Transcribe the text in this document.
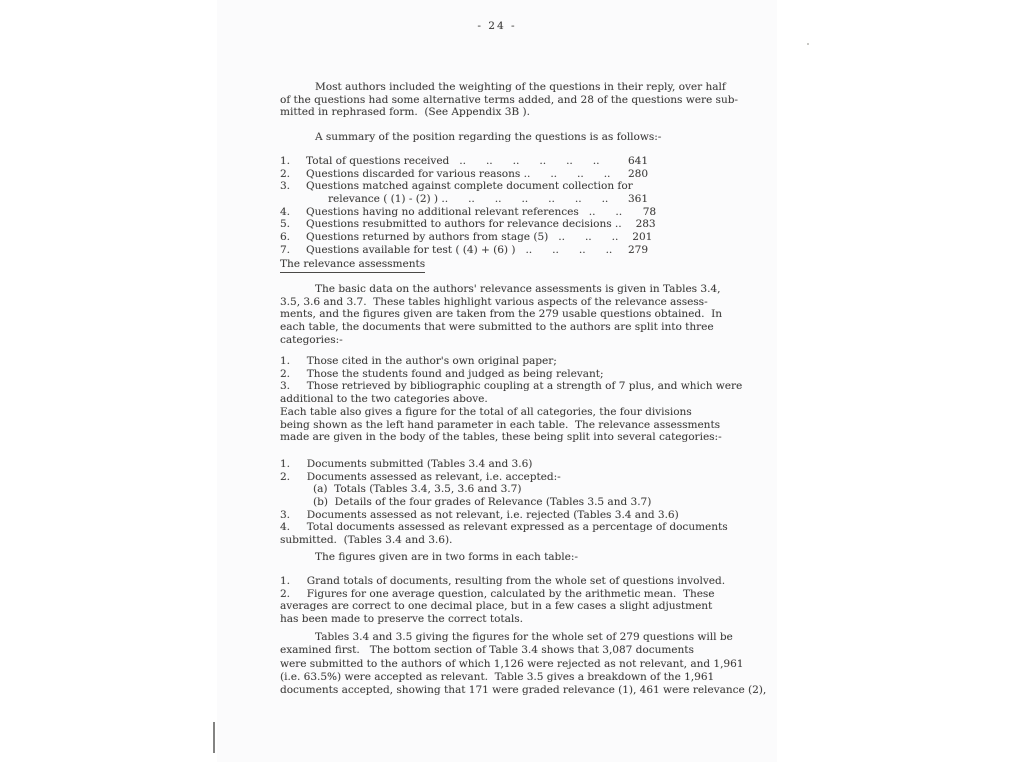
- 24 -
Most authors included the weighting of the questions in their reply, over half
of the questions had some alternative terms added, and 28 of the questions were sub-
mitted in rephrased form.  (See Appendix 3B ).
A summary of the position regarding the questions is as follows:-
1.	Total of questions received   ..      ..      ..      ..      ..      ..	641
2.	Questions discarded for various reasons ..      ..      ..      ..	280
3.	Questions matched against complete document collection for
relevance ( (1) - (2) ) ..      ..      ..      ..      ..      ..      ..	361
4.	Questions having no additional relevant references   ..      ..	78
5.	Questions resubmitted to authors for relevance decisions ..	283
6.	Questions returned by authors from stage (5)   ..      ..      ..	201
7.	Questions available for test ( (4) + (6) )   ..      ..      ..      ..	279
The relevance assessments
The basic data on the authors' relevance assessments is given in Tables 3.4,
3.5, 3.6 and 3.7.  These tables highlight various aspects of the relevance assess-
ments, and the figures given are taken from the 279 usable questions obtained.  In
each table, the documents that were submitted to the authors are split into three
categories:-
1.     Those cited in the author's own original paper;
2.     Those the students found and judged as being relevant;
3.     Those retrieved by bibliographic coupling at a strength of 7 plus, and which were
additional to the two categories above.
Each table also gives a figure for the total of all categories, the four divisions
being shown as the left hand parameter in each table.  The relevance assessments
made are given in the body of the tables, these being split into several categories:-
1.     Documents submitted (Tables 3.4 and 3.6)
2.     Documents assessed as relevant, i.e. accepted:-
(a)  Totals (Tables 3.4, 3.5, 3.6 and 3.7)
(b)  Details of the four grades of Relevance (Tables 3.5 and 3.7)
3.     Documents assessed as not relevant, i.e. rejected (Tables 3.4 and 3.6)
4.     Total documents assessed as relevant expressed as a percentage of documents
submitted.  (Tables 3.4 and 3.6).
The figures given are in two forms in each table:-
1.     Grand totals of documents, resulting from the whole set of questions involved.
2.     Figures for one average question, calculated by the arithmetic mean.  These
averages are correct to one decimal place, but in a few cases a slight adjustment
has been made to preserve the correct totals.
Tables 3.4 and 3.5 giving the figures for the whole set of 279 questions will be
examined first.   The bottom section of Table 3.4 shows that 3,087 documents
were submitted to the authors of which 1,126 were rejected as not relevant, and 1,961
(i.e. 63.5%) were accepted as relevant.  Table 3.5 gives a breakdown of the 1,961
documents accepted, showing that 171 were graded relevance (1), 461 were relevance (2),
